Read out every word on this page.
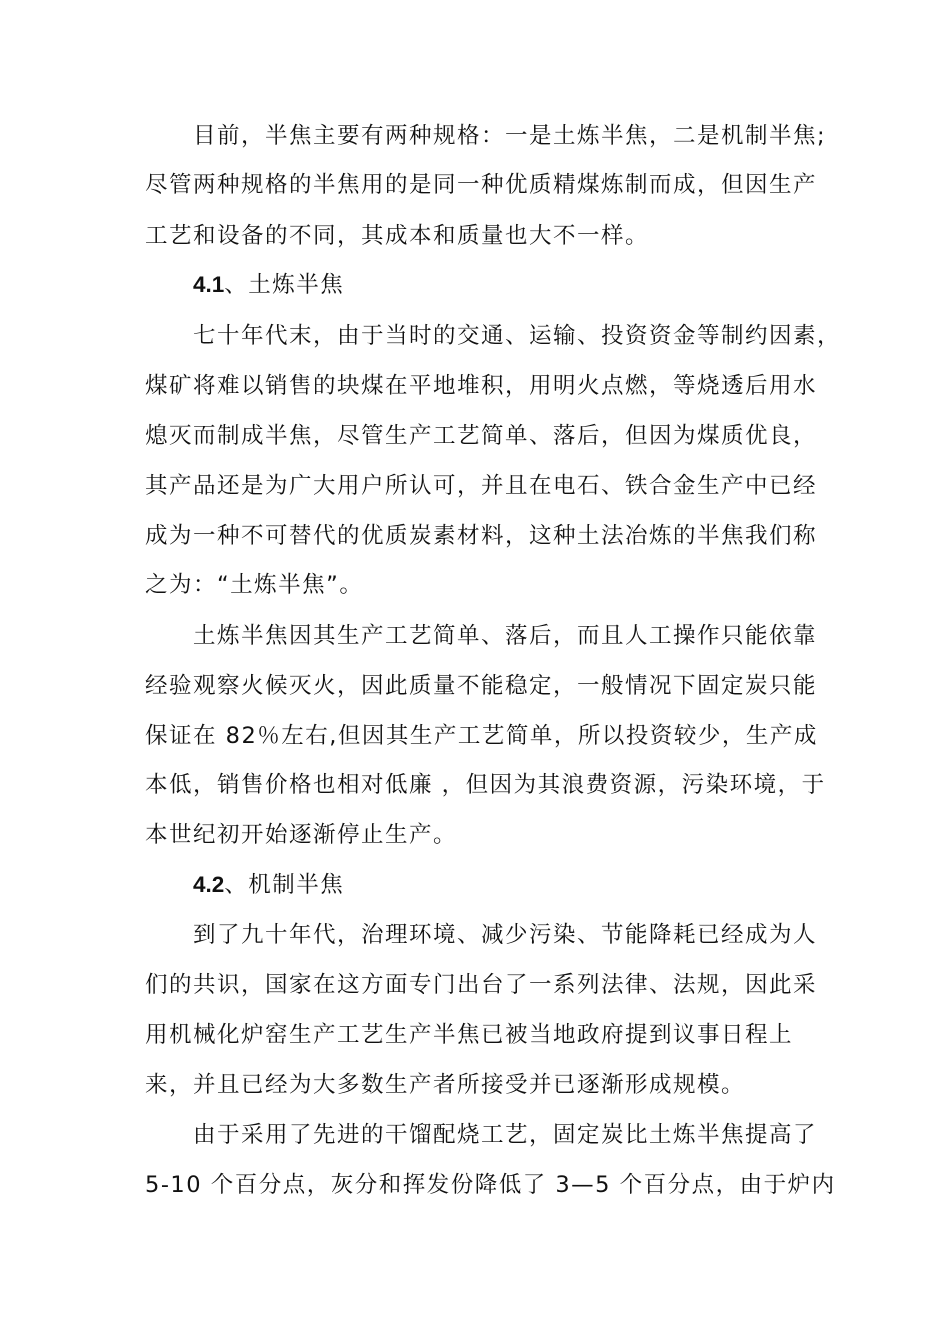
目前，半焦主要有两种规格：一是土炼半焦，二是机制半焦;
尽管两种规格的半焦用的是同一种优质精煤炼制而成，但因生产
工艺和设备的不同，其成本和质量也大不一样。
4.1、土炼半焦
七十年代末，由于当时的交通、运输、投资资金等制约因素，
煤矿将难以销售的块煤在平地堆积，用明火点燃，等烧透后用水
熄灭而制成半焦，尽管生产工艺简单、落后，但因为煤质优良，
其产品还是为广大用户所认可，并且在电石、铁合金生产中已经
成为一种不可替代的优质炭素材料，这种土法冶炼的半焦我们称
之为：“土炼半焦”。
土炼半焦因其生产工艺简单、落后，而且人工操作只能依靠
经验观察火候灭火，因此质量不能稳定，一般情况下固定炭只能
保证在 82％左右,但因其生产工艺简单，所以投资较少，生产成
本低，销售价格也相对低廉 ，但因为其浪费资源，污染环境，于
本世纪初开始逐渐停止生产。
4.2、机制半焦
到了九十年代，治理环境、减少污染、节能降耗已经成为人
们的共识，国家在这方面专门出台了一系列法律、法规，因此采
用机械化炉窑生产工艺生产半焦已被当地政府提到议事日程上
来，并且已经为大多数生产者所接受并已逐渐形成规模。
由于采用了先进的干馏配烧工艺，固定炭比土炼半焦提高了
5-10 个百分点，灰分和挥发份降低了 3—5 个百分点，由于炉内
